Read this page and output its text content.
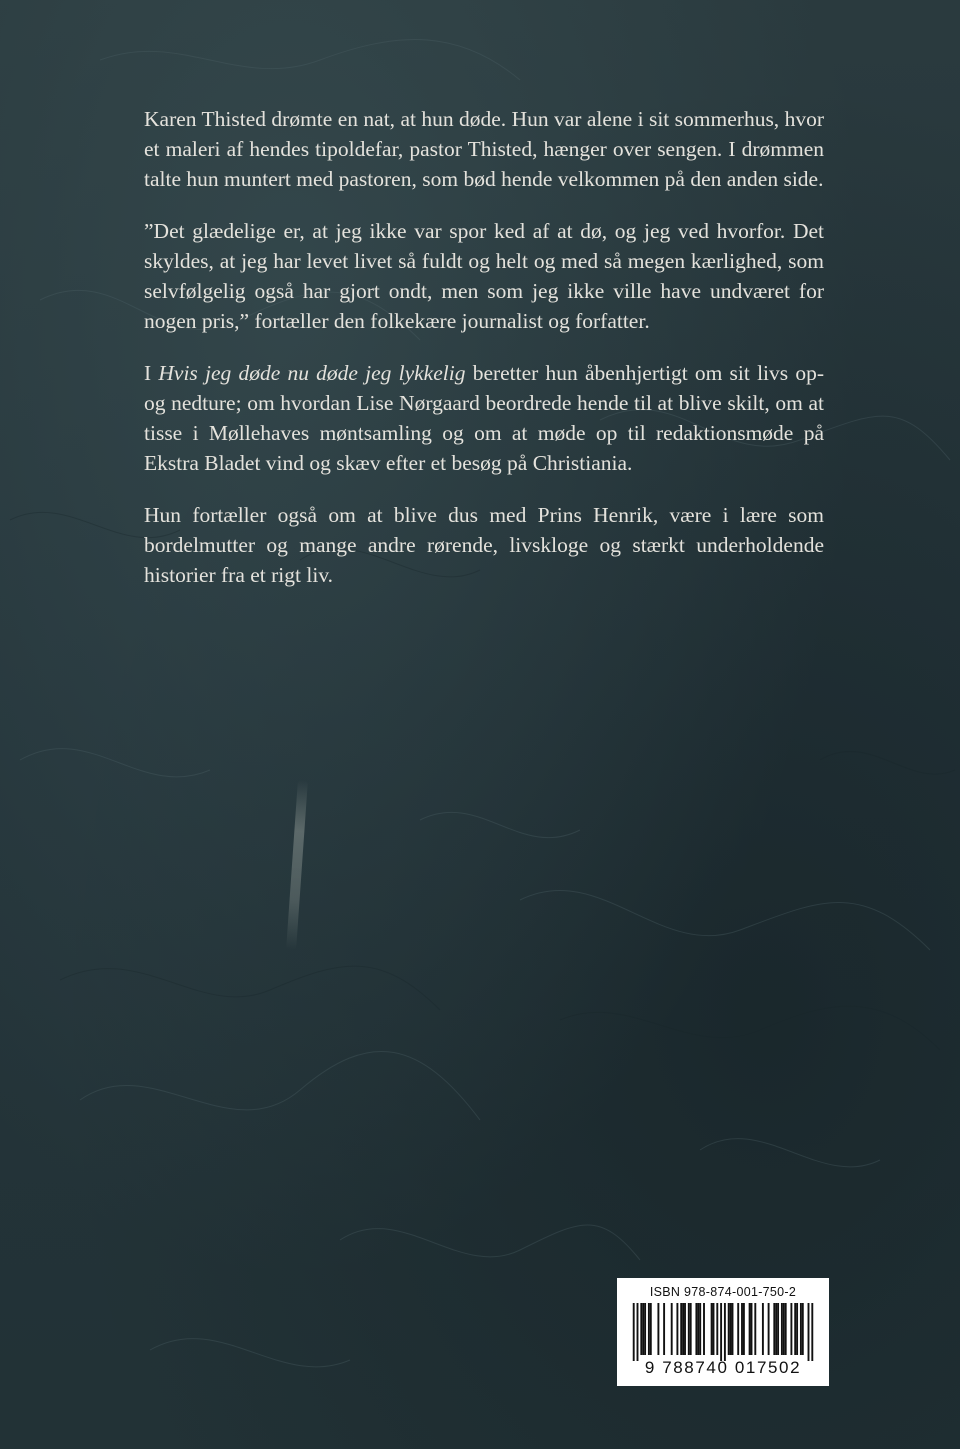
Karen Thisted drømte en nat, at hun døde. Hun var alene i sit sommerhus, hvor et maleri af hendes tipoldefar, pastor Thisted, hænger over sengen. I drømmen talte hun muntert med pastoren, som bød hende velkommen på den anden side.

”Det glædelige er, at jeg ikke var spor ked af at dø, og jeg ved hvorfor. Det skyldes, at jeg har levet livet så fuldt og helt og med så megen kærlighed, som selvfølgelig også har gjort ondt, men som jeg ikke ville have undværet for nogen pris,” fortæller den folkekære journalist og forfatter.

I Hvis jeg døde nu døde jeg lykkelig beretter hun åbenhjertigt om sit livs op- og nedture; om hvordan Lise Nørgaard beordrede hende til at blive skilt, om at tisse i Møllehaves møntsamling og om at møde op til redaktionsmøde på Ekstra Bladet vind og skæv efter et besøg på Christiania.

Hun fortæller også om at blive dus med Prins Henrik, være i lære som bordelmutter og mange andre rørende, livskloge og stærkt underholdende historier fra et rigt liv.

ISBN 978-874-001-750-2
9 788740 017502
